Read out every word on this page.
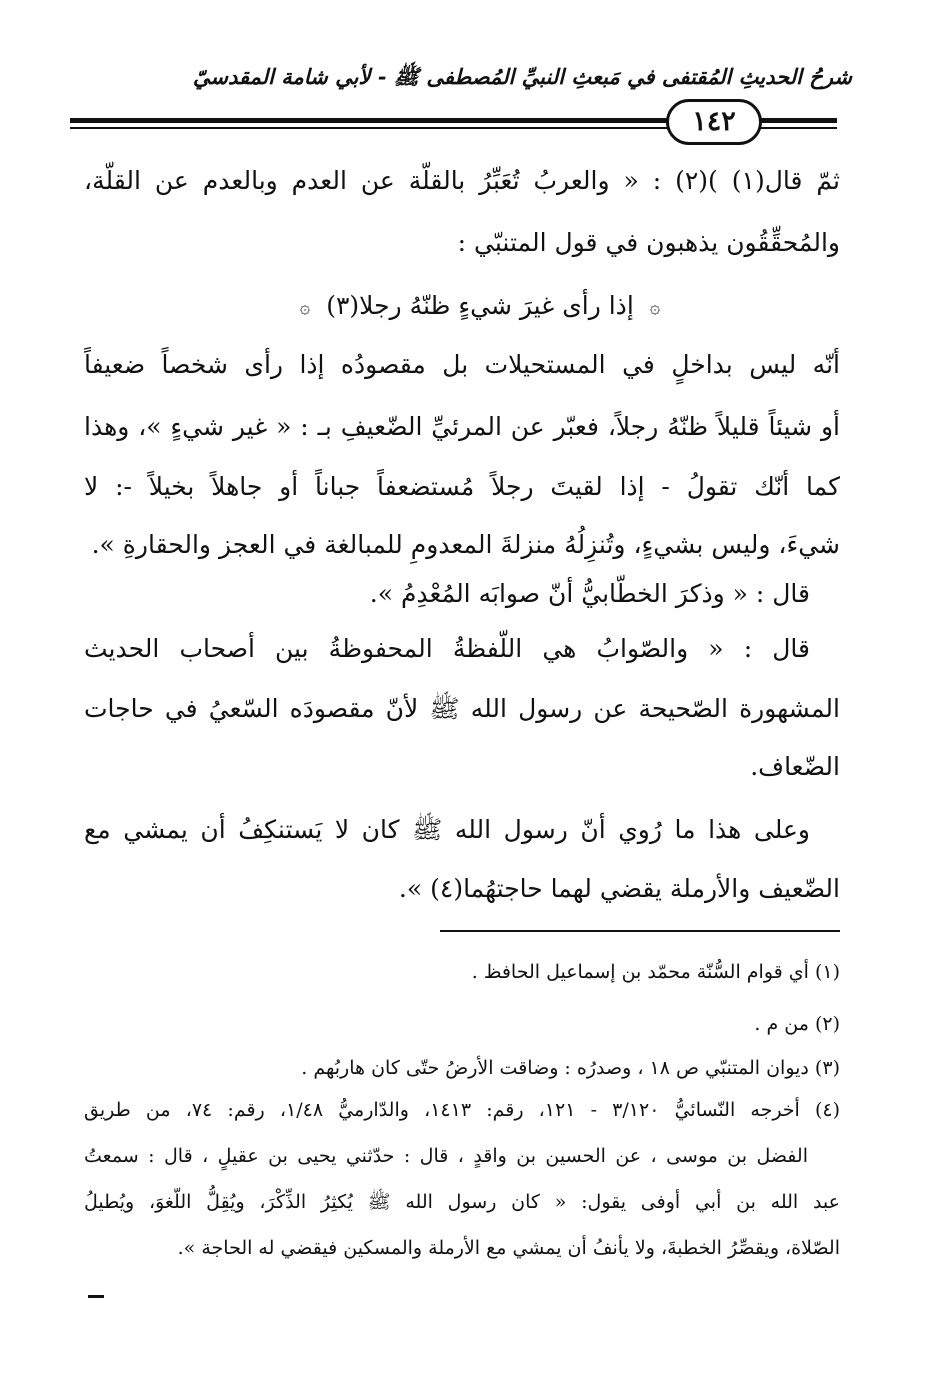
شرحُ الحديثِ المُقتفى في مَبعثِ النبيِّ المُصطفى ﷺ - لأبي شامة المقدسيّ
١٤٢
ثمّ قال(١) )(٢) : « والعربُ تُعَبِّرُ بالقلّة عن العدم وبالعدم عن القلّة،
والمُحقِّقُون يذهبون في قول المتنبّي :
۞إذا رأى غيرَ شيءٍ ظنّهُ رجلا(٣)۞
أنّه ليس بداخلٍ في المستحيلات بل مقصودُه إذا رأى شخصاً ضعيفاً
أو شيئاً قليلاً ظنّهُ رجلاً، فعبّر عن المرئيِّ الضّعيفِ بـ : « غير شيءٍ »، وهذا
كما أنّك تقولُ - إذا لقيتَ رجلاً مُستضعفاً جباناً أو جاهلاً بخيلاً -: لا
شيءَ، وليس بشيءٍ، وتُنزِلُهُ منزلةَ المعدومِ للمبالغة في العجز والحقارةِ ».
قال : « وذكرَ الخطّابيُّ أنّ صوابَه المُعْدِمُ ».
قال : « والصّوابُ هي اللّفظةُ المحفوظةُ بين أصحاب الحديث
المشهورة الصّحيحة عن رسول الله ﷺ لأنّ مقصودَه السّعيُ في حاجات
الضّعاف.
وعلى هذا ما رُوي أنّ رسول الله ﷺ كان لا يَستنكِفُ أن يمشي مع
الضّعيف والأرملة يقضي لهما حاجتهُما(٤) ».
(١) أي قوام السُّنّة محمّد بن إسماعيل الحافظ .
(٢) من م .
(٣) ديوان المتنبّي ص ١٨ ، وصدرُه : وضاقت الأرضُ حتّى كان هاربُهم .
(٤) أخرجه النّسائيُّ ٣/١٢٠ - ١٢١، رقم: ١٤١٣، والدّارميُّ ١/٤٨، رقم: ٧٤، من طريق
الفضل بن موسى ، عن الحسين بن واقدٍ ، قال : حدّثني يحيى بن عقيلٍ ، قال : سمعتُ
عبد الله بن أبي أوفى يقول: « كان رسول الله ﷺ يُكثِرُ الذِّكْرَ، ويُقِلُّ اللّغوَ، ويُطيلُ
الصّلاة، ويقصِّرُ الخطبةَ، ولا يأنفُ أن يمشي مع الأرملة والمسكين فيقضي له الحاجة ».
